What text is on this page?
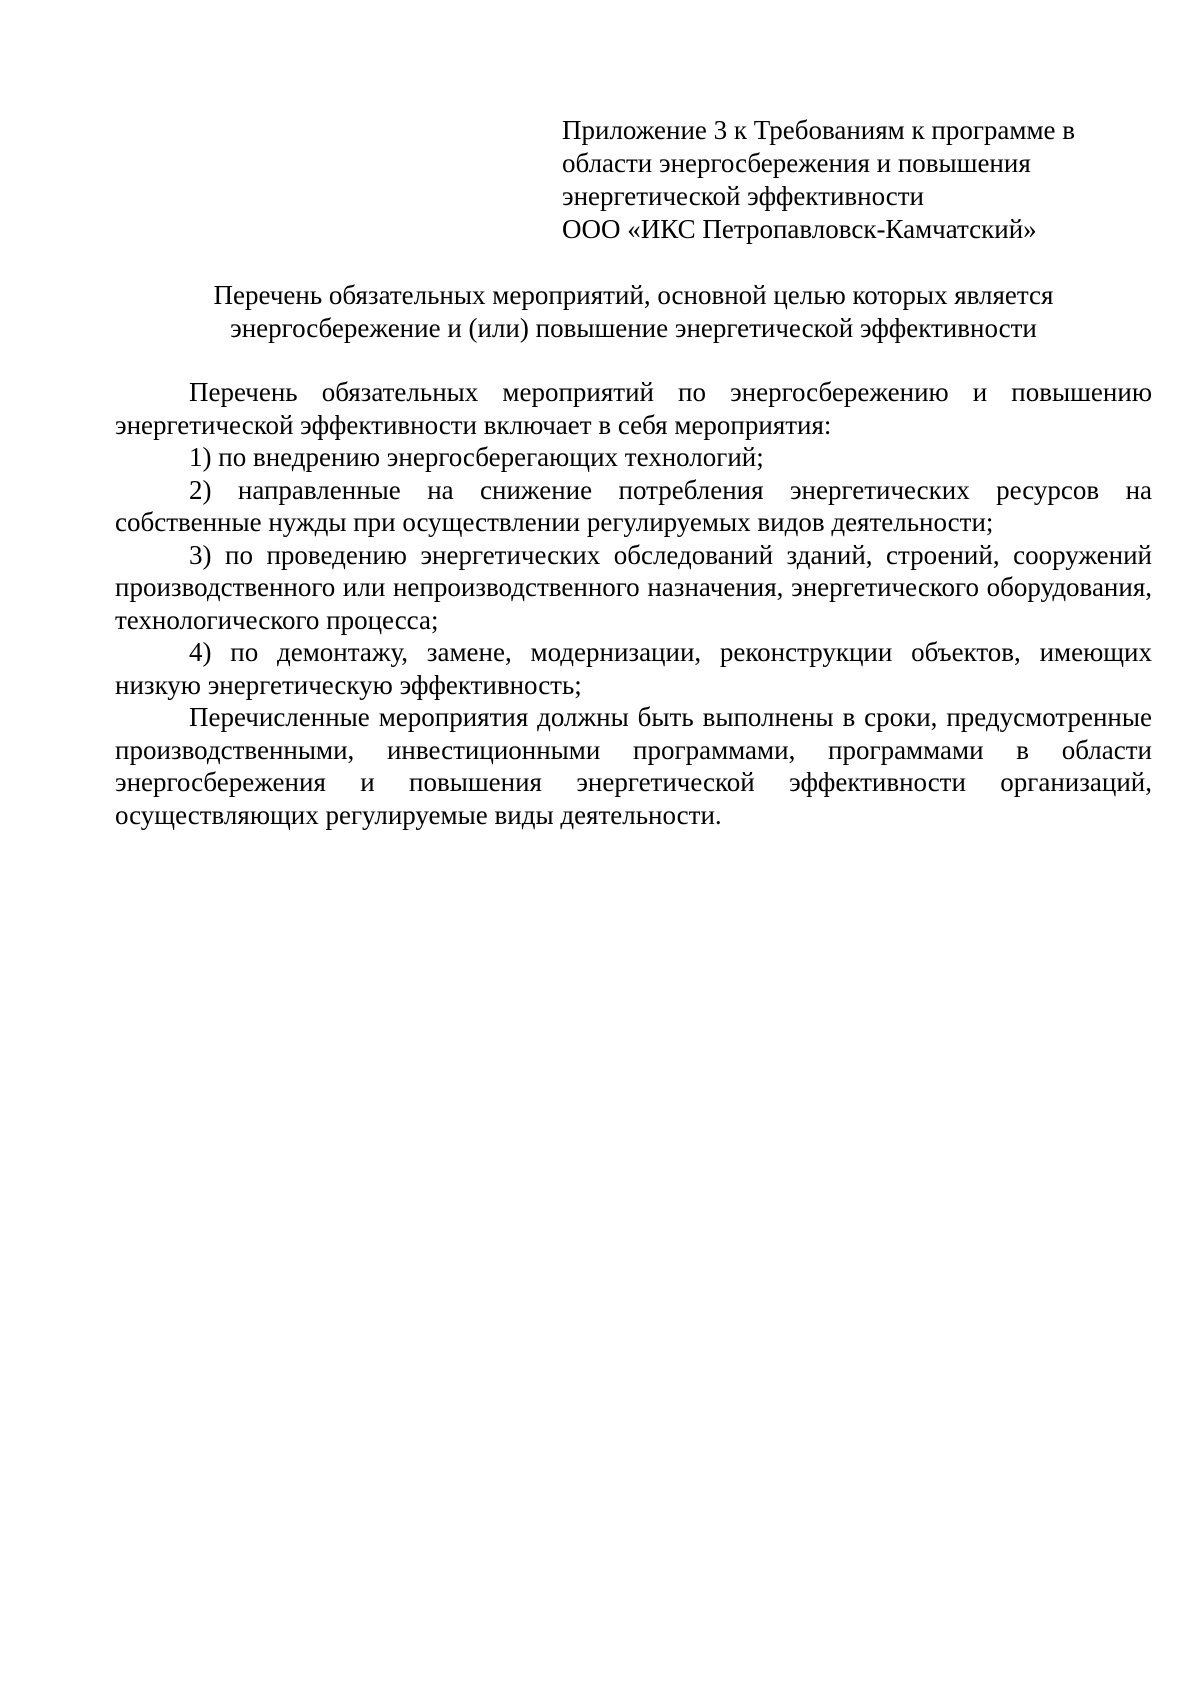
Приложение 3 к Требованиям к программе в
области энергосбережения и повышения
энергетической эффективности
ООО «ИКС Петропавловск-Камчатский»
Перечень обязательных мероприятий, основной целью которых является
энергосбережение и (или) повышение энергетической эффективности

Перечень обязательных мероприятий по энергосбережению и повышению энергетической эффективности включает в себя мероприятия:

1) по внедрению энергосберегающих технологий;

2) направленные на снижение потребления энергетических ресурсов на собственные нужды при осуществлении регулируемых видов деятельности;

3) по проведению энергетических обследований зданий, строений, сооружений производственного или непроизводственного назначения, энергетического оборудования, технологического процесса;

4) по демонтажу, замене, модернизации, реконструкции объектов, имеющих низкую энергетическую эффективность;

Перечисленные мероприятия должны быть выполнены в сроки, предусмотренные производственными, инвестиционными программами, программами в области энергосбережения и повышения энергетической эффективности организаций, осуществляющих регулируемые виды деятельности.
